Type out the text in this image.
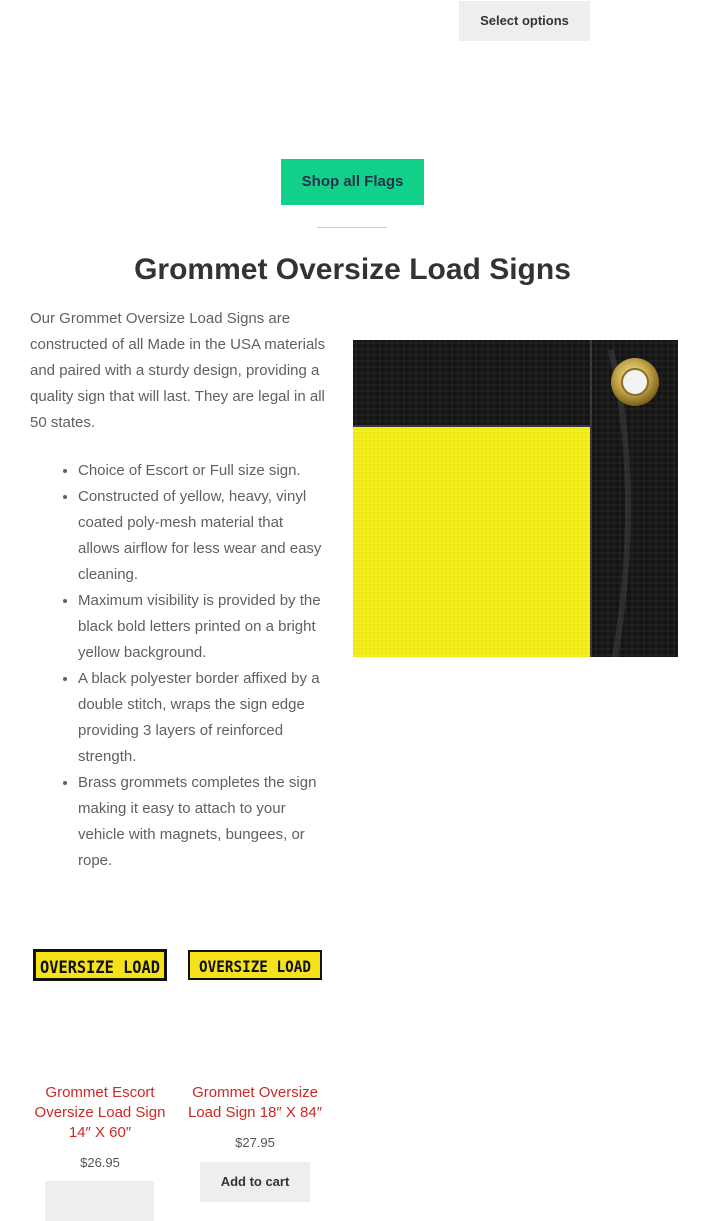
Select options
Shop all Flags
Grommet Oversize Load Signs

Our Grommet Oversize Load Signs are constructed of all Made in the USA materials and paired with a sturdy design, providing a quality sign that will last. They are legal in all 50 states.

• Choice of Escort or Full size sign.
• Constructed of yellow, heavy, vinyl coated poly-mesh material that allows airflow for less wear and easy cleaning.
• Maximum visibility is provided by the black bold letters printed on a bright yellow background.
• A black polyester border affixed by a double stitch, wraps the sign edge providing 3 layers of reinforced strength.
• Brass grommets completes the sign making it easy to attach to your vehicle with magnets, bungees, or rope.
OVERSIZE LOAD
Grommet Escort Oversize Load Sign 14″ X 60″
$26.95
OVERSIZE LOAD
Grommet Oversize Load Sign 18″ X 84″
$27.95
Add to cart
